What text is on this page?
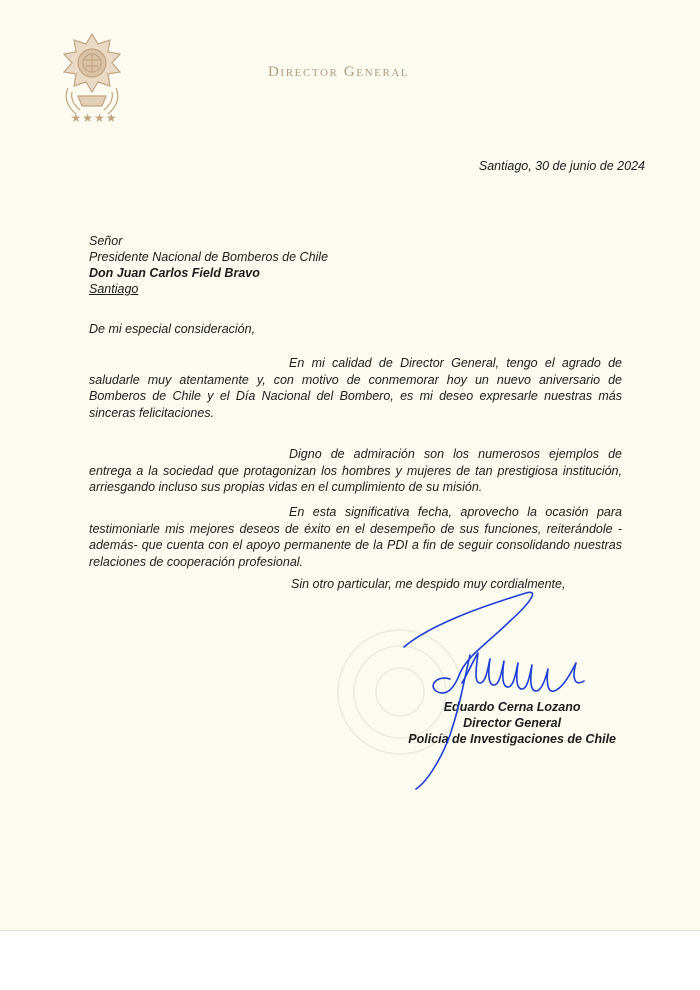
★★★★
Director General
Santiago, 30 de junio de 2024
Señor
Presidente Nacional de Bomberos de Chile
Don Juan Carlos Field Bravo
Santiago
De mi especial consideración,

En mi calidad de Director General, tengo el agrado de saludarle muy atentamente y, con motivo de conmemorar hoy un nuevo aniversario de Bomberos de Chile y el Día Nacional del Bombero, es mi deseo expresarle nuestras más sinceras felicitaciones.

Digno de admiración son los numerosos ejemplos de entrega a la sociedad que protagonizan los hombres y mujeres de tan prestigiosa institución, arriesgando incluso sus propias vidas en el cumplimiento de su misión.

En esta significativa fecha, aprovecho la ocasión para testimoniarle mis mejores deseos de éxito en el desempeño de sus funciones, reiterándole -además- que cuenta con el apoyo permanente de la PDI a fin de seguir consolidando nuestras relaciones de cooperación profesional.

Sin otro particular, me despido muy cordialmente,
Eduardo Cerna Lozano
Director General
Policía de Investigaciones de Chile
